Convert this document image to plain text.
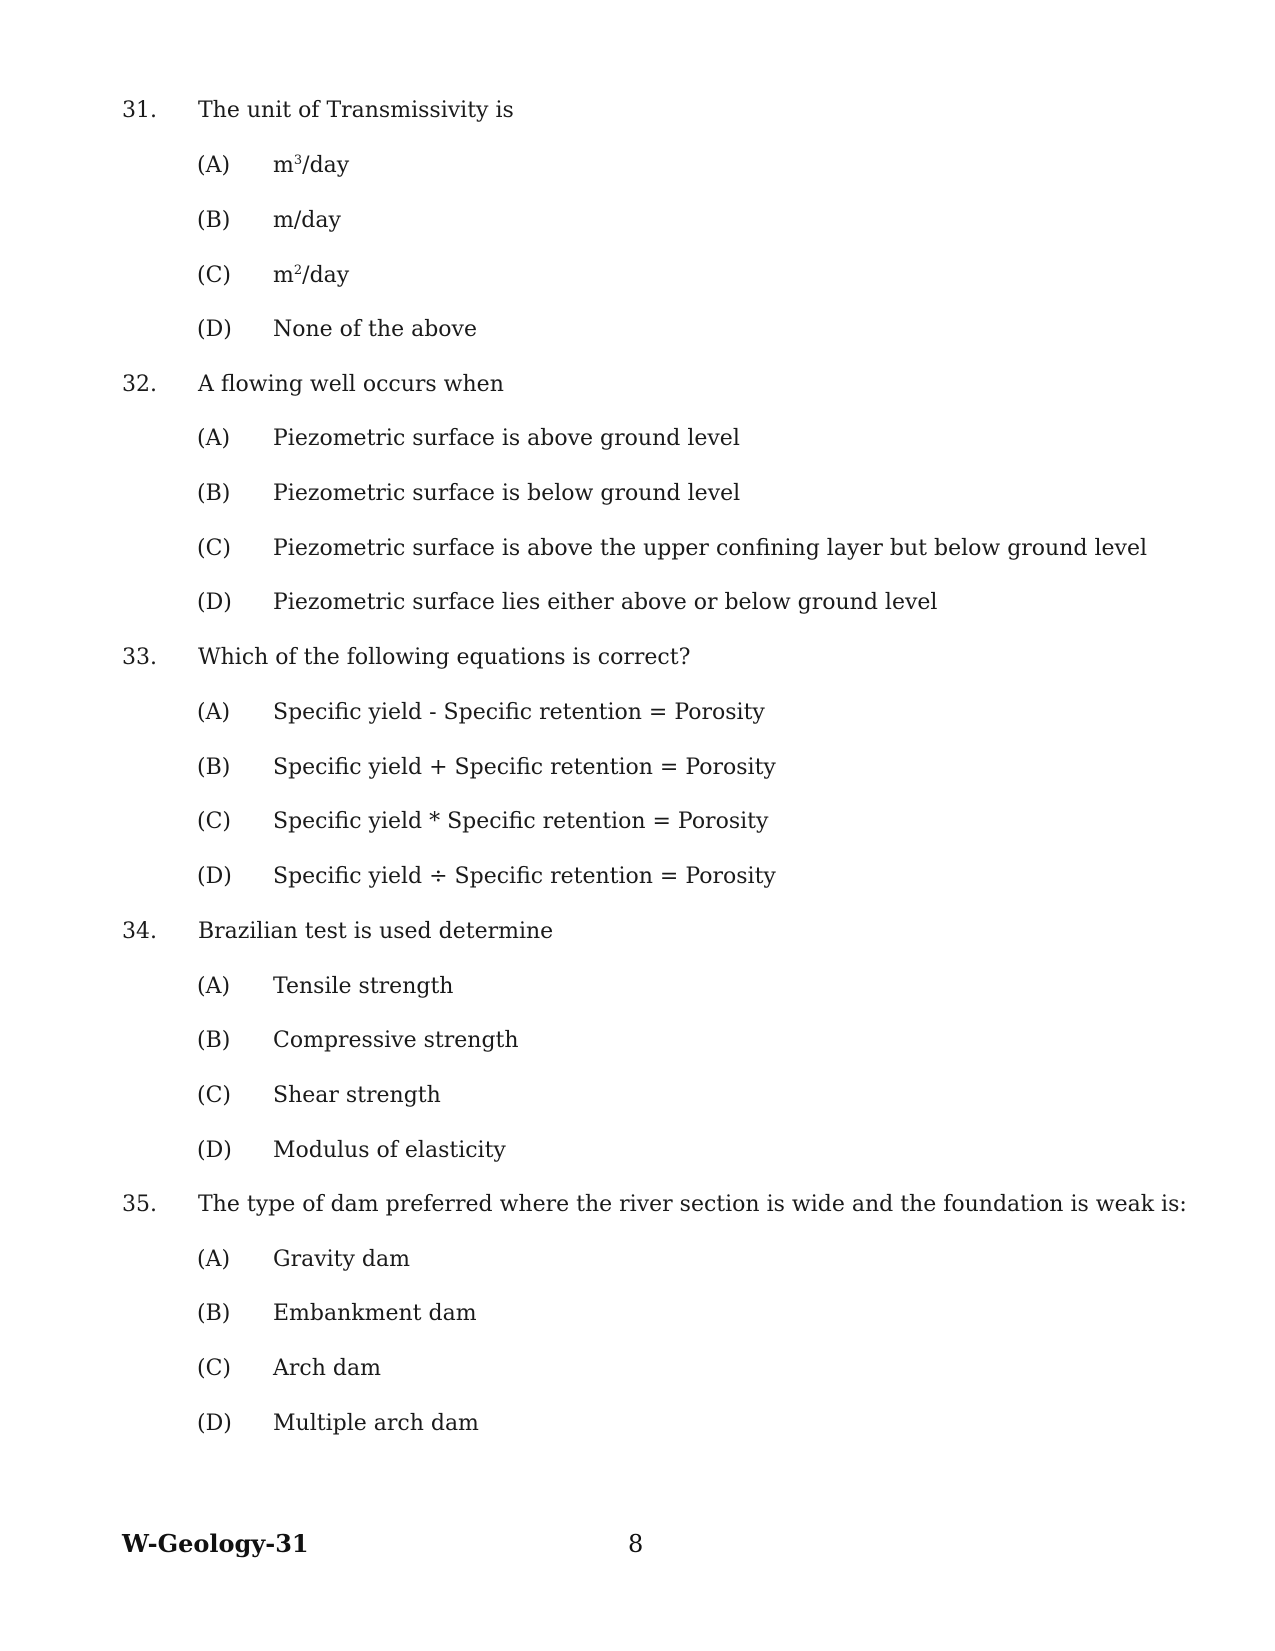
31. The unit of Transmissivity is
(A) $m^3$/day
(B) m/day
(C) $m^2$/day
(D) None of the above
32. A flowing well occurs when
(A) Piezometric surface is above ground level
(B) Piezometric surface is below ground level
(C) Piezometric surface is above the upper confining layer but below ground level
(D) Piezometric surface lies either above or below ground level
33. Which of the following equations is correct?
(A) Specific yield - Specific retention = Porosity
(B) Specific yield + Specific retention = Porosity
(C) Specific yield * Specific retention = Porosity
(D) Specific yield ÷ Specific retention = Porosity
34. Brazilian test is used determine
(A) Tensile strength
(B) Compressive strength
(C) Shear strength
(D) Modulus of elasticity
35. The type of dam preferred where the river section is wide and the foundation is weak is:
(A) Gravity dam
(B) Embankment dam
(C) Arch dam
(D) Multiple arch dam
W-Geology-31	8
